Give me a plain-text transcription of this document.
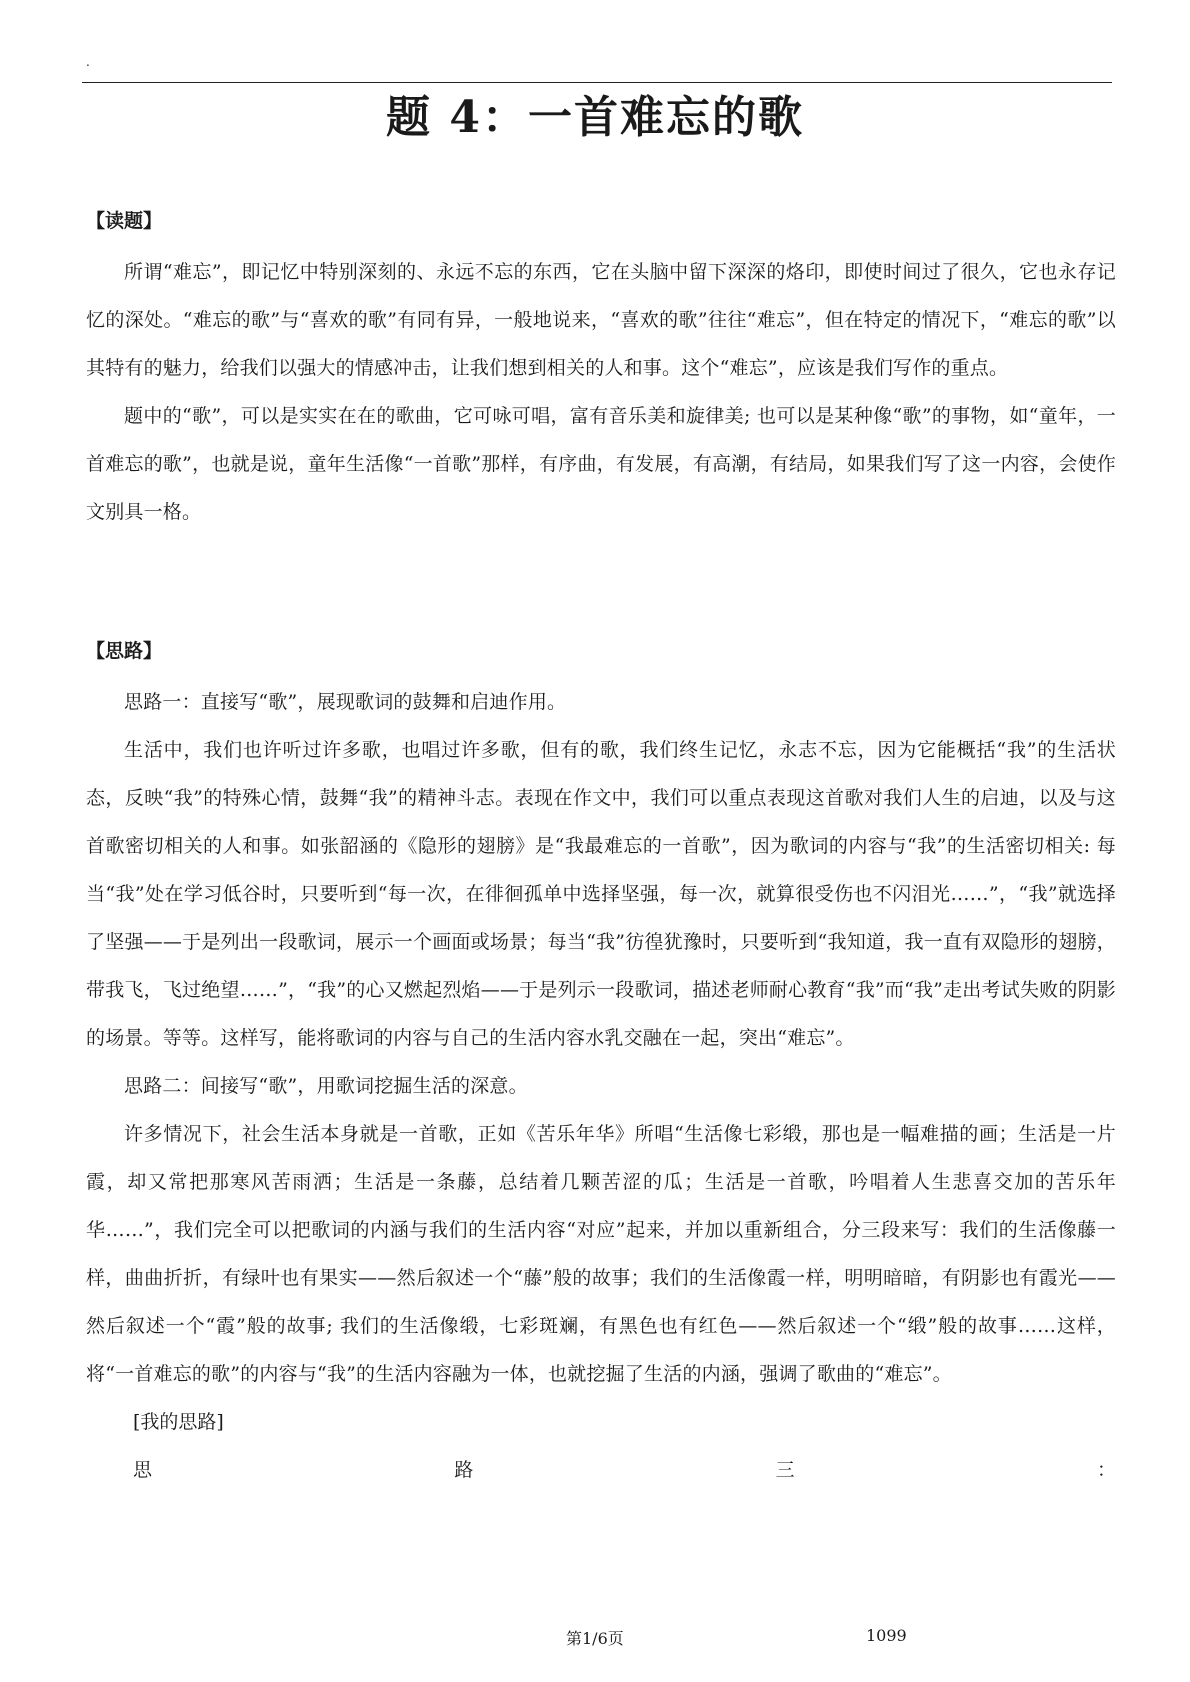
.
题 4：一首难忘的歌

【读题】

所谓“难忘”，即记忆中特别深刻的、永远不忘的东西，它在头脑中留下深深的烙印，即使时间过了很久，它也永存记忆的深处。“难忘的歌”与“喜欢的歌”有同有异，一般地说来，“喜欢的歌”往往“难忘”，但在特定的情况下，“难忘的歌”以其特有的魅力，给我们以强大的情感冲击，让我们想到相关的人和事。这个“难忘”，应该是我们写作的重点。

题中的“歌”，可以是实实在在的歌曲，它可咏可唱，富有音乐美和旋律美; 也可以是某种像“歌”的事物，如“童年，一首难忘的歌”，也就是说，童年生活像“一首歌”那样，有序曲，有发展，有高潮，有结局，如果我们写了这一内容，会使作文别具一格。

【思路】

思路一：直接写“歌”，展现歌词的鼓舞和启迪作用。

生活中，我们也许听过许多歌，也唱过许多歌，但有的歌，我们终生记忆，永志不忘，因为它能概括“我”的生活状态，反映“我”的特殊心情，鼓舞“我”的精神斗志。表现在作文中，我们可以重点表现这首歌对我们人生的启迪，以及与这首歌密切相关的人和事。如张韶涵的《隐形的翅膀》是“我最难忘的一首歌”，因为歌词的内容与“我”的生活密切相关: 每当“我”处在学习低谷时，只要听到“每一次，在徘徊孤单中选择坚强，每一次，就算很受伤也不闪泪光……”，“我”就选择了坚强——于是列出一段歌词，展示一个画面或场景；每当“我”彷徨犹豫时，只要听到“我知道，我一直有双隐形的翅膀，带我飞，飞过绝望……”，“我”的心又燃起烈焰——于是列示一段歌词，描述老师耐心教育“我”而“我”走出考试失败的阴影的场景。等等。这样写，能将歌词的内容与自己的生活内容水乳交融在一起，突出“难忘”。

思路二：间接写“歌”，用歌词挖掘生活的深意。

许多情况下，社会生活本身就是一首歌，正如《苦乐年华》所唱“生活像七彩缎，那也是一幅难描的画；生活是一片霞，却又常把那寒风苦雨洒；生活是一条藤，总结着几颗苦涩的瓜；生活是一首歌，吟唱着人生悲喜交加的苦乐年华……”，我们完全可以把歌词的内涵与我们的生活内容“对应”起来，并加以重新组合，分三段来写：我们的生活像藤一样，曲曲折折，有绿叶也有果实——然后叙述一个“藤”般的故事；我们的生活像霞一样，明明暗暗，有阴影也有霞光——然后叙述一个“霞”般的故事; 我们的生活像缎，七彩斑斓，有黑色也有红色——然后叙述一个“缎”般的故事……这样，将“一首难忘的歌”的内容与“我”的生活内容融为一体，也就挖掘了生活的内涵，强调了歌曲的“难忘”。

[我的思路]

思	路	三	：
第1/6页	1099
